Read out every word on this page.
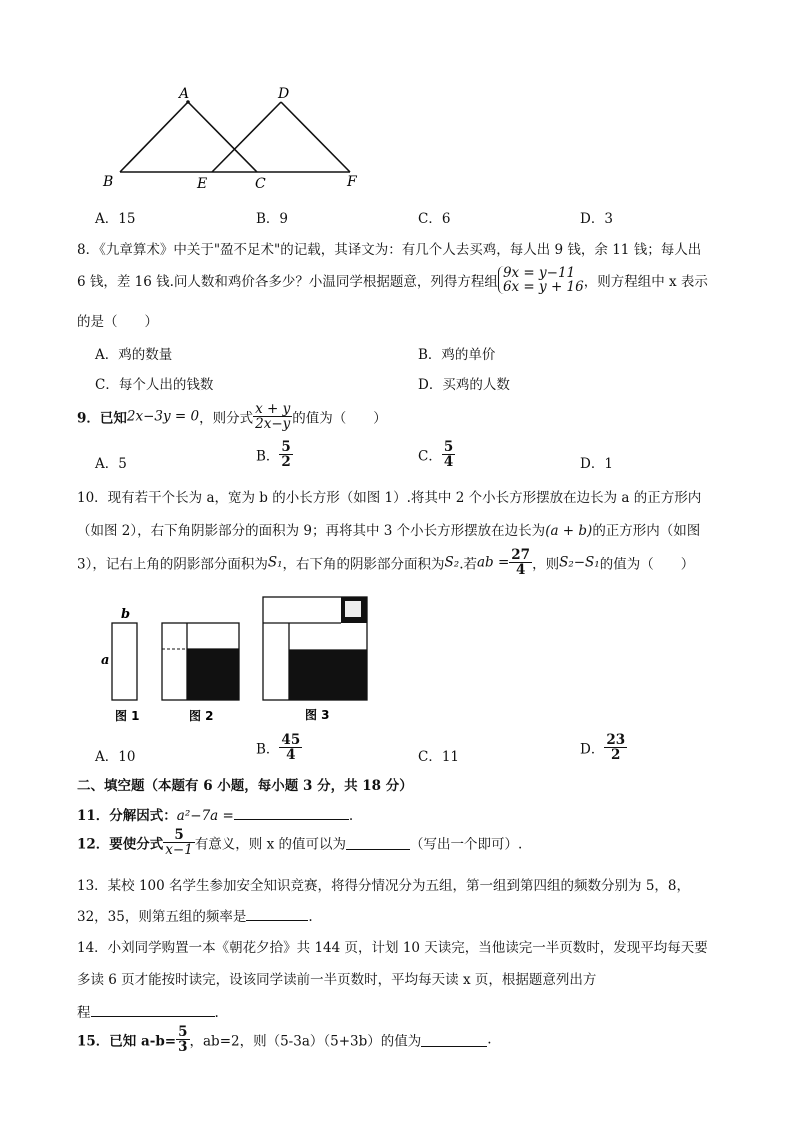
A	D
B	E	C	F
A．15	B．9	C．6	D．3
8．《九章算术》中关于"盈不足术"的记载，其译文为：有几个人去买鸡，每人出 9 钱，余 11 钱；每人出
6 钱，差 16 钱.问人数和鸡价各多少？小温同学根据题意，列得方程组
9x = y−11
6x = y + 16 ，则方程组中 x 表示
的是（　　）
A．鸡的数量	B．鸡的单价
C．每个人出的钱数	D．买鸡的人数
9．已知2x−3y = 0，则分式 $\frac{x + y}{2x-y}$ 的值为（　　）
A．5	B． $\frac{5}{2}$	C． $\frac{5}{4}$	D．1
10．现有若干个长为 a，宽为 b 的小长方形（如图 1）.将其中 2 个小长方形摆放在边长为 a 的正方形内
（如图 2），右下角阴影部分的面积为 9；再将其中 3 个小长方形摆放在边长为(a + b)的正方形内（如图
3），记右上角的阴影部分面积为S₁，右下角的阴影部分面积为S₂.若ab = $\frac{27}{4}$ ，则S₂−S₁的值为（　　）
b
a
图 1	图 2	图 3
A．10	B． $\frac{45}{4}$	C．11	D． $\frac{23}{2}$
二、填空题（本题有 6 小题，每小题 3 分，共 18 分）
11．分解因式：a²−7a =	.
12．要使分式 $\frac{5}{x-1}$ 有意义，则 x 的值可以为	（写出一个即可）.
13．某校 100 名学生参加安全知识竞赛，将得分情况分为五组，第一组到第四组的频数分别为 5，8，
32，35，则第五组的频率是	.
14．小刘同学购置一本《朝花夕拾》共 144 页，计划 10 天读完，当他读完一半页数时，发现平均每天要
多读 6 页才能按时读完，设该同学读前一半页数时，平均每天读 x 页，根据题意列出方
程	.
15．已知 $a-b= \frac{5}{3}$ ，ab=2，则（5-3a）（5+3b）的值为	.
